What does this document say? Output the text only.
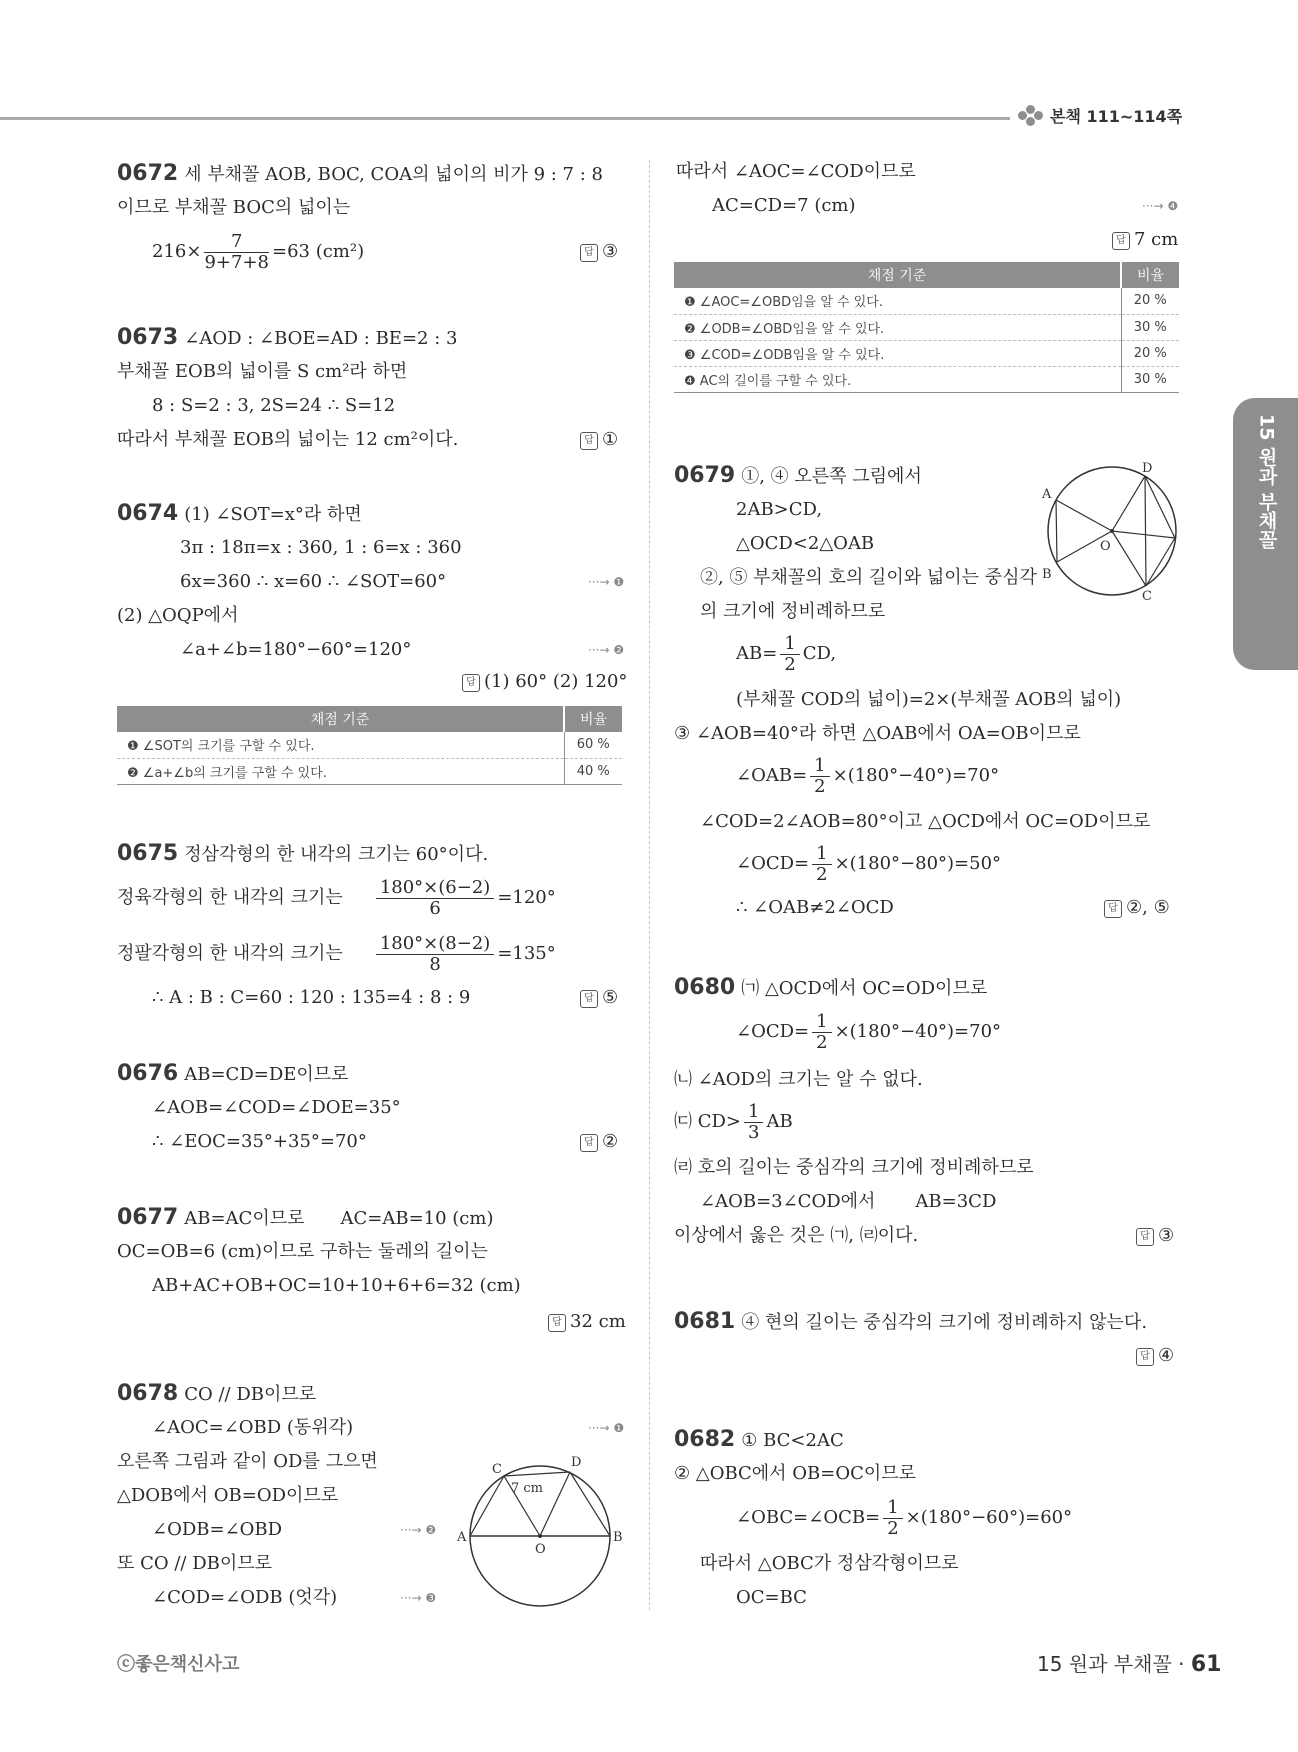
본책 111~114쪽
15 원과 부채꼴
0672 세 부채꼴 AOB, BOC, COA의 넓이의 비가 9 : 7 : 8
이므로 부채꼴 BOC의 넓이는
$216\times \frac{7}{9+7+8} =63$ (cm²)	답 ③
0673 ∠AOD : ∠BOE=AD : BE=2 : 3
부채꼴 EOB의 넓이를 S cm²라 하면
8 : S=2 : 3, 2S=24 ∴ S=12
따라서 부채꼴 EOB의 넓이는 12 cm²이다.	답 ①
0674 (1) ∠SOT=x°라 하면
3π : 18π=x : 360, 1 : 6=x : 360
6x=360 ∴ x=60 ∴ ∠SOT=60°	···→ ❶
(2) △OQP에서
∠a+∠b=180°−60°=120°	···→ ❷
답 (1) 60° (2) 120°
채점 기준	비율
❶ ∠SOT의 크기를 구할 수 있다.	60 %
❷ ∠a+∠b의 크기를 구할 수 있다.	40 %
0675 정삼각형의 한 내각의 크기는 60°이다.
정육각형의 한 내각의 크기는 $\frac{180^\circ\times(6-2)}{6} =120^\circ$
정팔각형의 한 내각의 크기는 $\frac{180^\circ\times(8-2)}{8} =135^\circ$
∴ A : B : C=60 : 120 : 135=4 : 8 : 9	답 ⑤
0676 AB=CD=DE이므로
∠AOB=∠COD=∠DOE=35°
∴ ∠EOC=35°+35°=70°	답 ②
0677 AB=AC이므로 AC=AB=10 (cm)
OC=OB=6 (cm)이므로 구하는 둘레의 길이는
AB+AC+OB+OC=10+10+6+6=32 (cm)
답 32 cm
0678 CO // DB이므로
∠AOC=∠OBD (동위각)	···→ ❶
오른쪽 그림과 같이 OD를 그으면
△DOB에서 OB=OD이므로
∠ODB=∠OBD	···→ ❷
또 CO // DB이므로
∠COD=∠ODB (엇각)	···→ ❸
C	D
A
O
B
7 cm
따라서 ∠AOC=∠COD이므로
AC=CD=7 (cm)	···→ ❹
답 7 cm
채점 기준	비율
❶ ∠AOC=∠OBD임을 알 수 있다.	20 %
❷ ∠ODB=∠OBD임을 알 수 있다.	30 %
❸ ∠COD=∠ODB임을 알 수 있다.	20 %
❹ AC의 길이를 구할 수 있다.	30 %
0679 ①, ④ 오른쪽 그림에서
2AB>CD,
△OCD<2△OAB
②, ⑤ 부채꼴의 호의 길이와 넓이는 중심각
의 크기에 정비례하므로
$AB= \frac{1}{2}$ CD,
(부채꼴 COD의 넓이)=2×(부채꼴 AOB의 넓이)
③ ∠AOB=40°라 하면 △OAB에서 OA=OB이므로
∠OAB= $\frac{1}{2} \times(180^\circ-40^\circ)=70^\circ$
∠COD=2∠AOB=80°이고 △OCD에서 OC=OD이므로
∠OCD= $\frac{1}{2} \times(180^\circ-80^\circ)=50^\circ$
∴ ∠OAB≠2∠OCD	답 ②, ⑤
A
B
C
D
O
0680 ㈀ △OCD에서 OC=OD이므로
∠OCD= $\frac{1}{2} \times(180^\circ-40^\circ)=70^\circ$
㈁ ∠AOD의 크기는 알 수 없다.
㈂ $CD> \frac{1}{3}$ AB
㈃ 호의 길이는 중심각의 크기에 정비례하므로
∠AOB=3∠COD에서 AB=3CD
이상에서 옳은 것은 ㈀, ㈃이다.	답 ③
0681 ④ 현의 길이는 중심각의 크기에 정비례하지 않는다.
답 ④
0682 ① BC<2AC
② △OBC에서 OB=OC이므로
∠OBC=∠OCB= $\frac{1}{2} \times(180^\circ-60^\circ)=60^\circ$
따라서 △OBC가 정삼각형이므로
OC=BC
ⓒ좋은책신사고	15 원과 부채꼴 · 61
